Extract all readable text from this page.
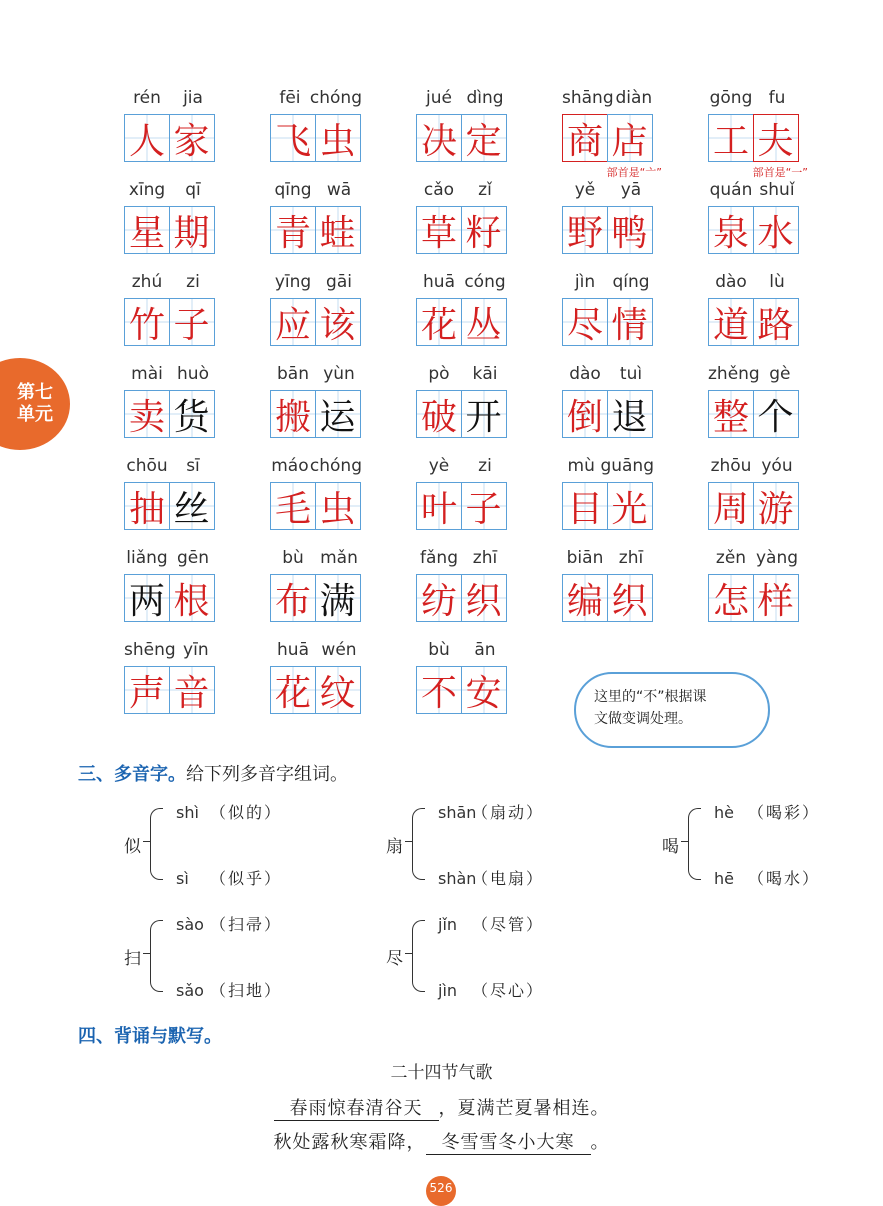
第七
单元
rén	jia
人 家
fēi chóng
飞 虫
jué dìng
决 定
shāng diàn
商 店
部首是“亠”
gōng fu
工 夫
部首是“一”
xīng	qī
星 期
qīng wā
青 蛙
cǎo	zǐ
草 籽
yě	yā
野 鸭
quán shuǐ
泉 水
zhú	zi
竹 子
yīng gāi
应 该
huā cóng
花 丛
jìn	qíng
尽 情
dào	lù
道 路
mài huò
卖 货
bān yùn
搬 运
pò	kāi
破 开
dào	tuì
倒 退
zhěng gè
整 个
chōu	sī
抽 丝
máo chóng
毛 虫
yè	zi
叶 子
mù guāng
目 光
zhōu yóu
周 游
liǎng gēn
两 根
bù mǎn
布 满
fǎng zhī
纺 织
biān zhī
编 织
zěn yàng
怎 样
shēng yīn
声 音
huā wén
花 纹
bù	ān
不 安	这里的“不”根据课
文做变调处理。
三、多音字。给下列多音字组词。
似
shì （似的）
sì （似乎）
扇
shān（扇动）
shàn（电扇）
喝
hè （喝彩）
hē （喝水）
扫
sào （扫帚）
sǎo （扫地）
尽
jǐn （尽管）
jìn （尽心）
四、背诵与默写。
二十四节气歌
春雨惊春清谷天 ，夏满芒夏暑相连。
秋处露秋寒霜降， 冬雪雪冬小大寒 。
526
